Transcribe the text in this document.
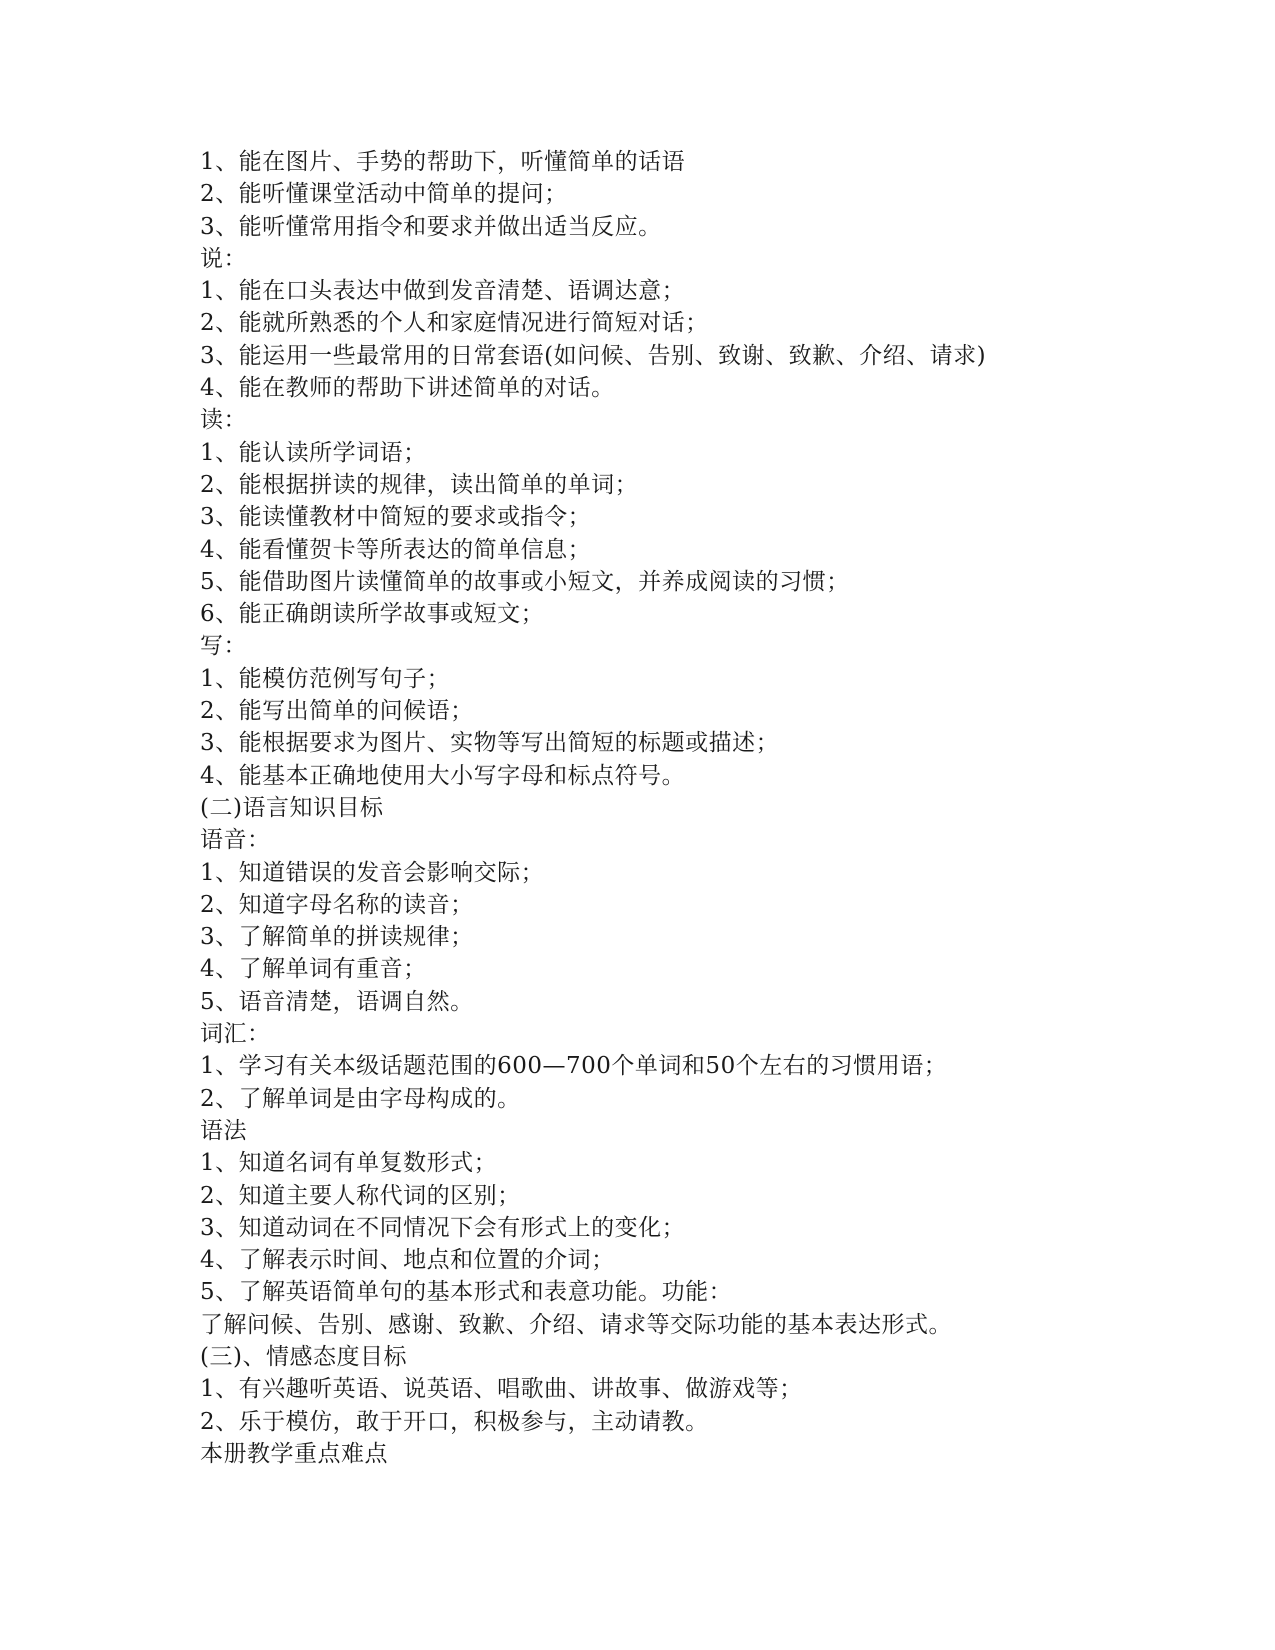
1、能在图片、手势的帮助下，听懂简单的话语
2、能听懂课堂活动中简单的提问；
3、能听懂常用指令和要求并做出适当反应。
说：
1、能在口头表达中做到发音清楚、语调达意；
2、能就所熟悉的个人和家庭情况进行简短对话；
3、能运用一些最常用的日常套语(如问候、告别、致谢、致歉、介绍、请求)
4、能在教师的帮助下讲述简单的对话。
读：
1、能认读所学词语；
2、能根据拼读的规律，读出简单的单词；
3、能读懂教材中简短的要求或指令；
4、能看懂贺卡等所表达的简单信息；
5、能借助图片读懂简单的故事或小短文，并养成阅读的习惯；
6、能正确朗读所学故事或短文；
写：
1、能模仿范例写句子；
2、能写出简单的问候语；
3、能根据要求为图片、实物等写出简短的标题或描述；
4、能基本正确地使用大小写字母和标点符号。
(二)语言知识目标
语音：
1、知道错误的发音会影响交际；
2、知道字母名称的读音；
3、了解简单的拼读规律；
4、了解单词有重音；
5、语音清楚，语调自然。
词汇：
1、学习有关本级话题范围的600—700个单词和50个左右的习惯用语；
2、了解单词是由字母构成的。
语法
1、知道名词有单复数形式；
2、知道主要人称代词的区别；
3、知道动词在不同情况下会有形式上的变化；
4、了解表示时间、地点和位置的介词；
5、了解英语简单句的基本形式和表意功能。功能：
了解问候、告别、感谢、致歉、介绍、请求等交际功能的基本表达形式。
(三)、情感态度目标
1、有兴趣听英语、说英语、唱歌曲、讲故事、做游戏等；
2、乐于模仿，敢于开口，积极参与，主动请教。
本册教学重点难点
